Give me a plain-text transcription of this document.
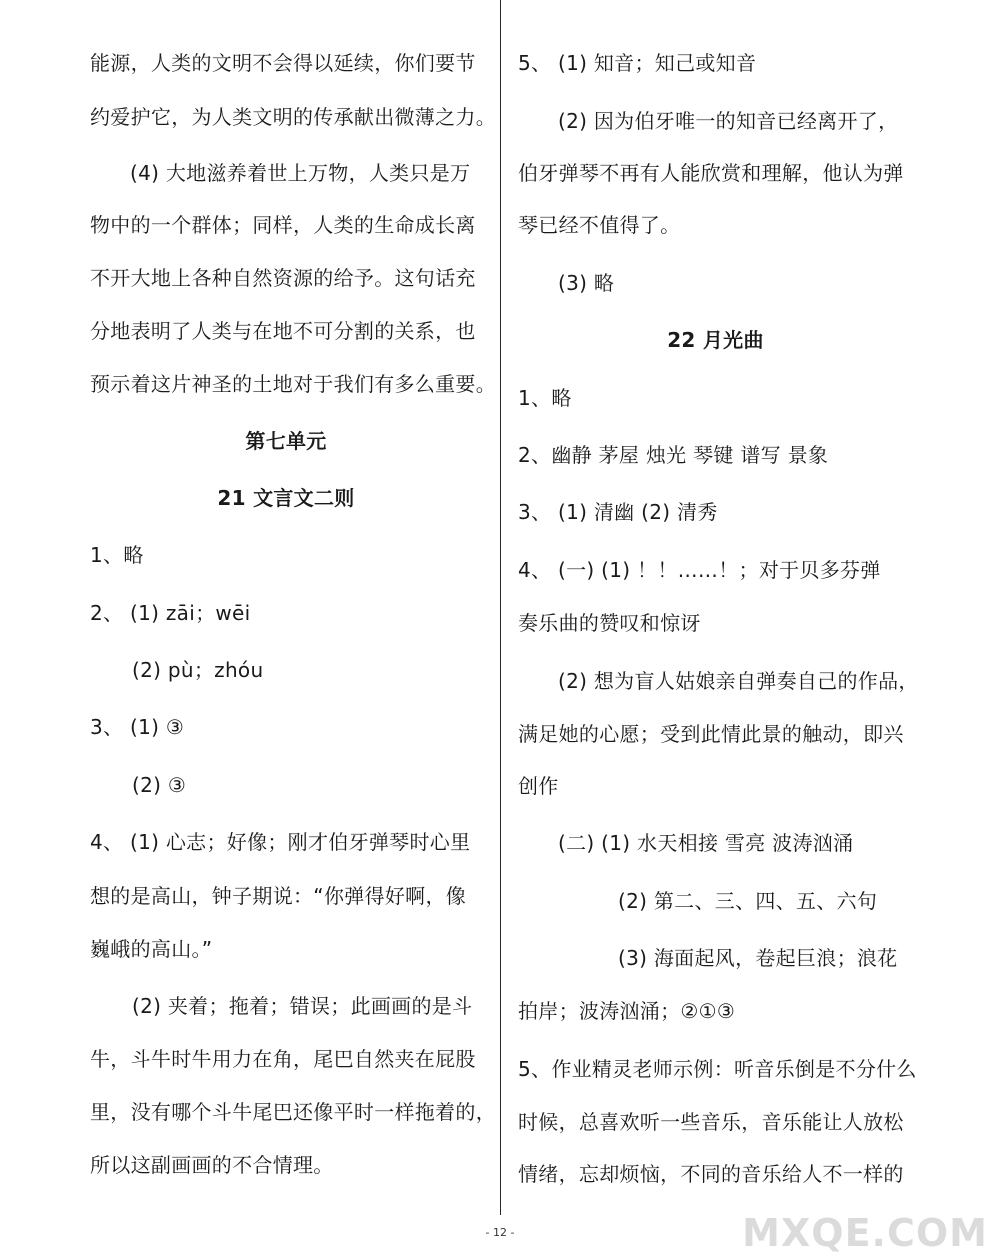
能源，人类的文明不会得以延续，你们要节
约爱护它，为人类文明的传承献出微薄之力。
(4) 大地滋养着世上万物，人类只是万
物中的一个群体；同样，人类的生命成长离
不开大地上各种自然资源的给予。这句话充
分地表明了人类与在地不可分割的关系，也
预示着这片神圣的土地对于我们有多么重要。
第七单元
21 文言文二则
1、略
2、 (1) zāi；wēi
(2) pù；zhóu
3、 (1) ③
(2) ③
4、 (1) 心志；好像；刚才伯牙弹琴时心里
想的是高山，钟子期说：“你弹得好啊，像
巍峨的高山。”
(2) 夹着；拖着；错误；此画画的是斗
牛，斗牛时牛用力在角，尾巴自然夹在屁股
里，没有哪个斗牛尾巴还像平时一样拖着的，
所以这副画画的不合情理。
5、 (1) 知音；知己或知音
(2) 因为伯牙唯一的知音已经离开了，
伯牙弹琴不再有人能欣赏和理解，他认为弹
琴已经不值得了。
(3) 略
22 月光曲
1、略
2、幽静 茅屋 烛光 琴键 谱写 景象
3、 (1) 清幽 (2) 清秀
4、 (一) (1) ！！……！；对于贝多芬弹
奏乐曲的赞叹和惊讶
(2) 想为盲人姑娘亲自弹奏自己的作品，
满足她的心愿；受到此情此景的触动，即兴
创作
(二) (1) 水天相接 雪亮 波涛汹涌
(2) 第二、三、四、五、六句
(3) 海面起风，卷起巨浪；浪花
拍岸；波涛汹涌；②①③
5、作业精灵老师示例：听音乐倒是不分什么
时候，总喜欢听一些音乐，音乐能让人放松
情绪，忘却烦恼，不同的音乐给人不一样的
- 12 -	MXQE.COM
